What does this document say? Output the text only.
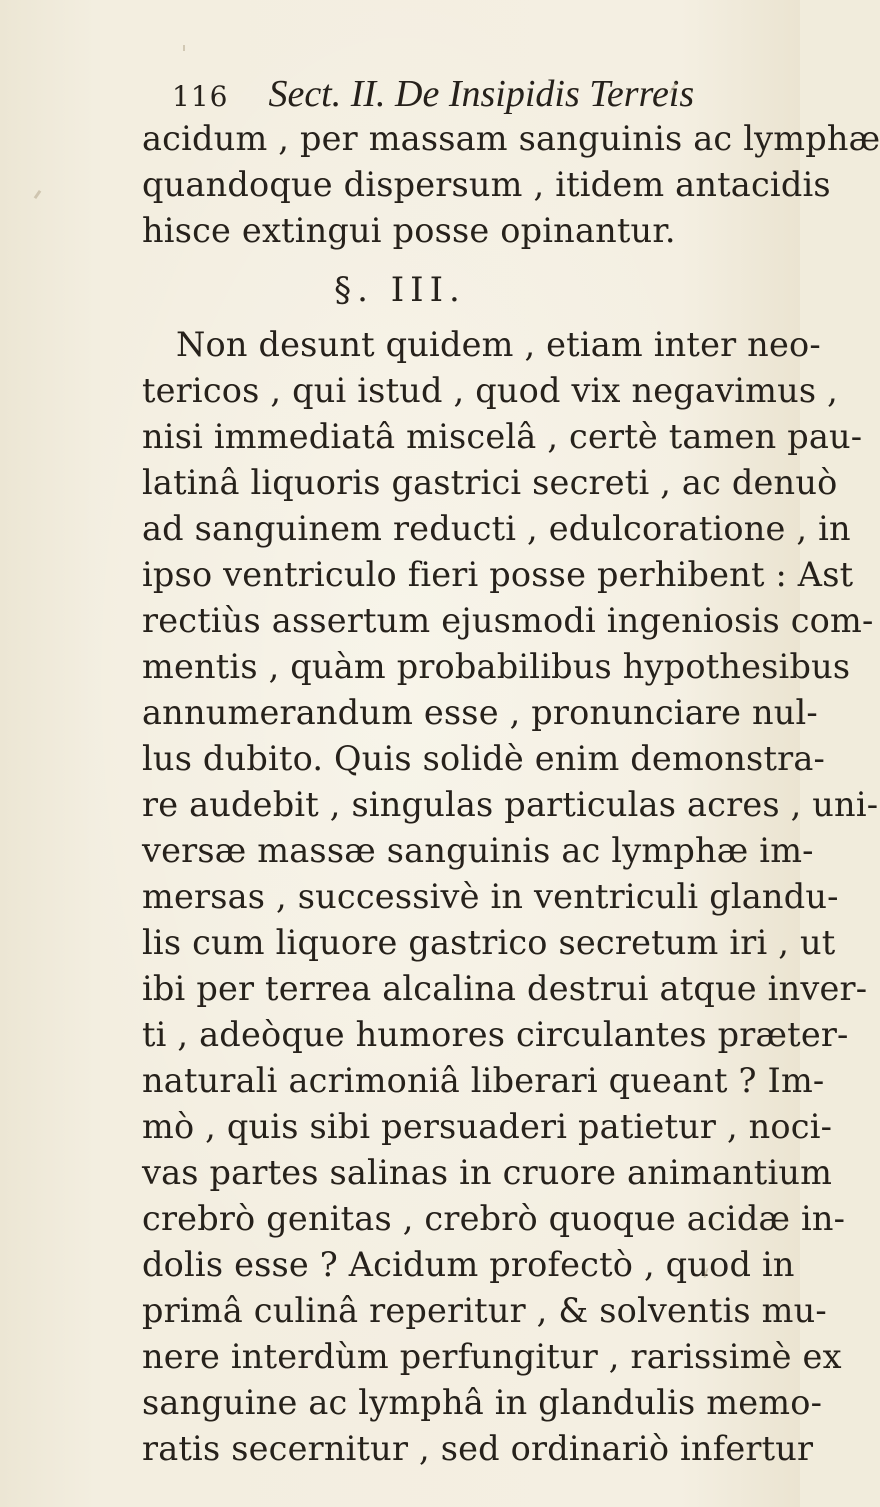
116 Sect. II. De Insipidis Terreis
acidum , per massam sanguinis ac lymphæ
quandoque dispersum , itidem antacidis
hisce extingui posse opinantur.
§. III.
Non desunt quidem , etiam inter neo-
tericos , qui istud , quod vix negavimus ,
nisi immediatâ miscelâ , certè tamen pau-
latinâ liquoris gastrici secreti , ac denuò
ad sanguinem reducti , edulcoratione , in
ipso ventriculo fieri posse perhibent : Ast
rectiùs assertum ejusmodi ingeniosis com-
mentis , quàm probabilibus hypothesibus
annumerandum esse , pronunciare nul-
lus dubito. Quis solidè enim demonstra-
re audebit , singulas particulas acres , uni-
versæ massæ sanguinis ac lymphæ im-
mersas , successivè in ventriculi glandu-
lis cum liquore gastrico secretum iri , ut
ibi per terrea alcalina destrui atque inver-
ti , adeòque humores circulantes præter-
naturali acrimoniâ liberari queant ? Im-
mò , quis sibi persuaderi patietur , noci-
vas partes salinas in cruore animantium
crebrò genitas , crebrò quoque acidæ in-
dolis esse ? Acidum profectò , quod in
primâ culinâ reperitur , & solventis mu-
nere interdùm perfungitur , rarissimè ex
sanguine ac lymphâ in glandulis memo-
ratis secernitur , sed ordinariò infertur
